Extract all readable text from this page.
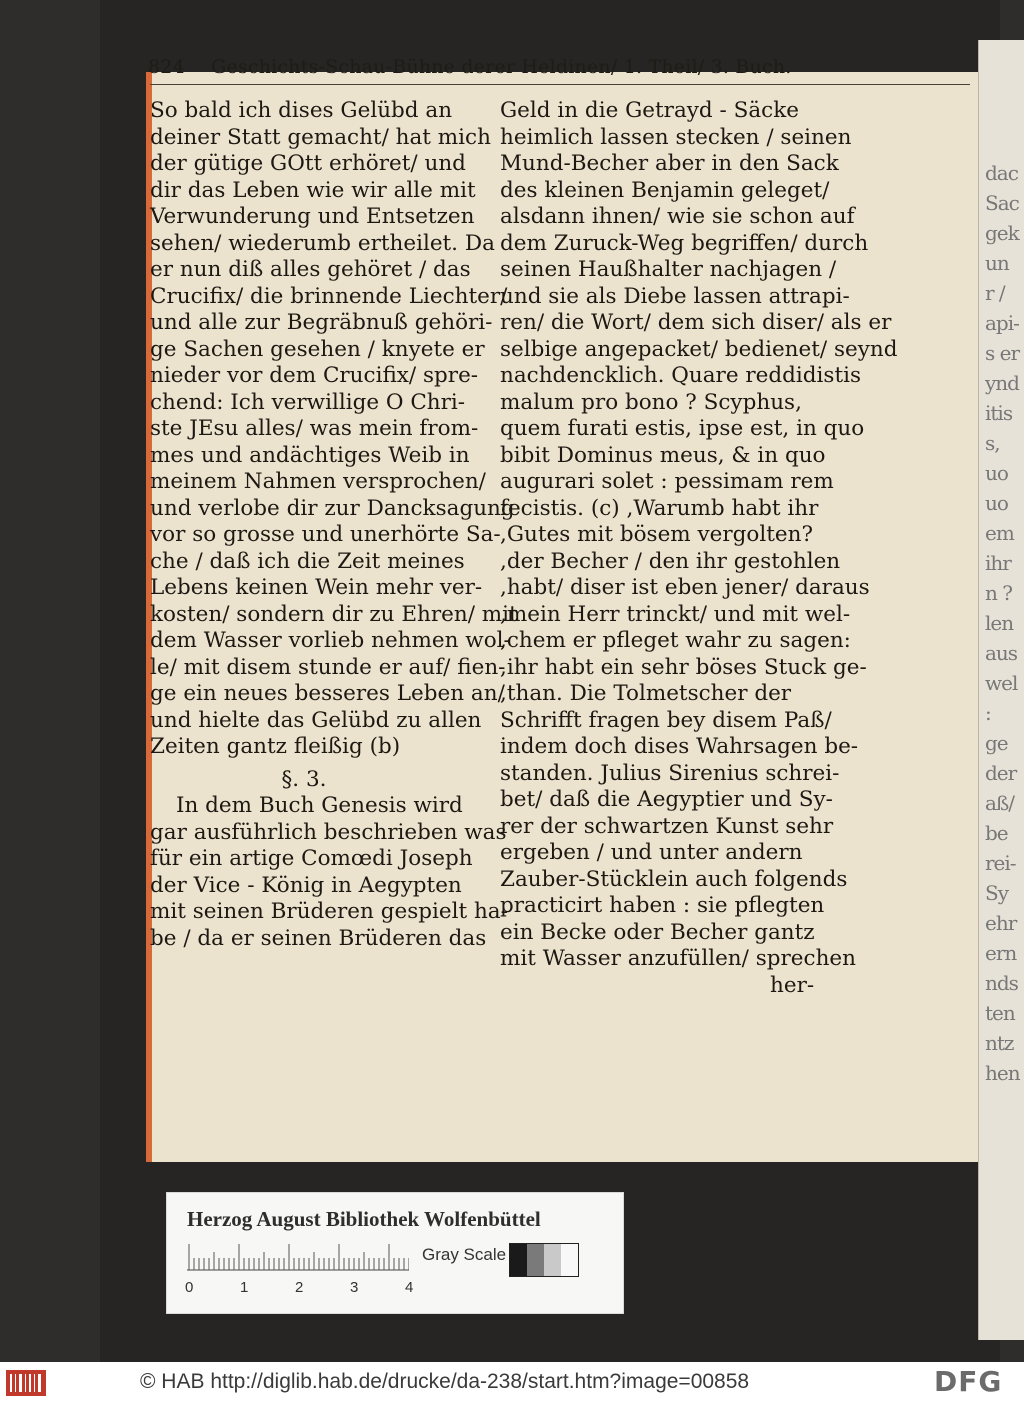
dac
Sac
gek
un
r /
api-
s er
ynd
itis
s,
uo
uo
em
ihr
n ?
len
aus
wel
:
ge
der
aß/
be
rei-
Sy
ehr
ern
nds
ten
ntz
hen
824 Geschichts-Schau-Bühne derer Heldinen/ 1. Theil/ 3. Buch.
So bald ich dises Gelübd an
deiner Statt gemacht/ hat mich
der gütige GOtt erhöret/ und
dir das Leben wie wir alle mit
Verwunderung und Entsetzen
sehen/ wiederumb ertheilet. Da
er nun diß alles gehöret / das
Crucifix/ die brinnende Liechter/
und alle zur Begräbnuß gehöri-
ge Sachen gesehen / knyete er
nieder vor dem Crucifix/ spre-
chend: Ich verwillige O Chri-
ste JEsu alles/ was mein from-
mes und andächtiges Weib in
meinem Nahmen versprochen/
und verlobe dir zur Dancksagung
vor so grosse und unerhörte Sa-
che / daß ich die Zeit meines
Lebens keinen Wein mehr ver-
kosten/ sondern dir zu Ehren/ mit
dem Wasser vorlieb nehmen wol-
le/ mit disem stunde er auf/ fien-
ge ein neues besseres Leben an/
und hielte das Gelübd zu allen
Zeiten gantz fleißig (b)
§. 3.
In dem Buch Genesis wird
gar ausführlich beschrieben was
für ein artige Comœdi Joseph
der Vice - König in Aegypten
mit seinen Brüderen gespielt ha-
be / da er seinen Brüderen das
Geld in die Getrayd - Säcke
heimlich lassen stecken / seinen
Mund-Becher aber in den Sack
des kleinen Benjamin geleget/
alsdann ihnen/ wie sie schon auf
dem Zuruck-Weg begriffen/ durch
seinen Haußhalter nachjagen /
und sie als Diebe lassen attrapi-
ren/ die Wort/ dem sich diser/ als er
selbige angepacket/ bedienet/ seynd
nachdencklich. Quare reddidistis
malum pro bono ? Scyphus,
quem furati estis, ipse est, in quo
bibit Dominus meus, & in quo
augurari solet : pessimam rem
fecistis. (c) ,Warumb habt ihr
,Gutes mit bösem vergolten?
,der Becher / den ihr gestohlen
,habt/ diser ist eben jener/ daraus
,mein Herr trinckt/ und mit wel-
,chem er pfleget wahr zu sagen:
,ihr habt ein sehr böses Stuck ge-
,than. Die Tolmetscher der
Schrifft fragen bey disem Paß/
indem doch dises Wahrsagen be-
standen. Julius Sirenius schrei-
bet/ daß die Aegyptier und Sy-
rer der schwartzen Kunst sehr
ergeben / und unter andern
Zauber-Stücklein auch folgends
practicirt haben : sie pflegten
ein Becke oder Becher gantz
mit Wasser anzufüllen/ sprechen
her-
Herzog August Bibliothek Wolfenbüttel
0	1	2	3	4
Gray Scale
© HAB http://diglib.hab.de/drucke/da-238/start.htm?image=00858	DFG
